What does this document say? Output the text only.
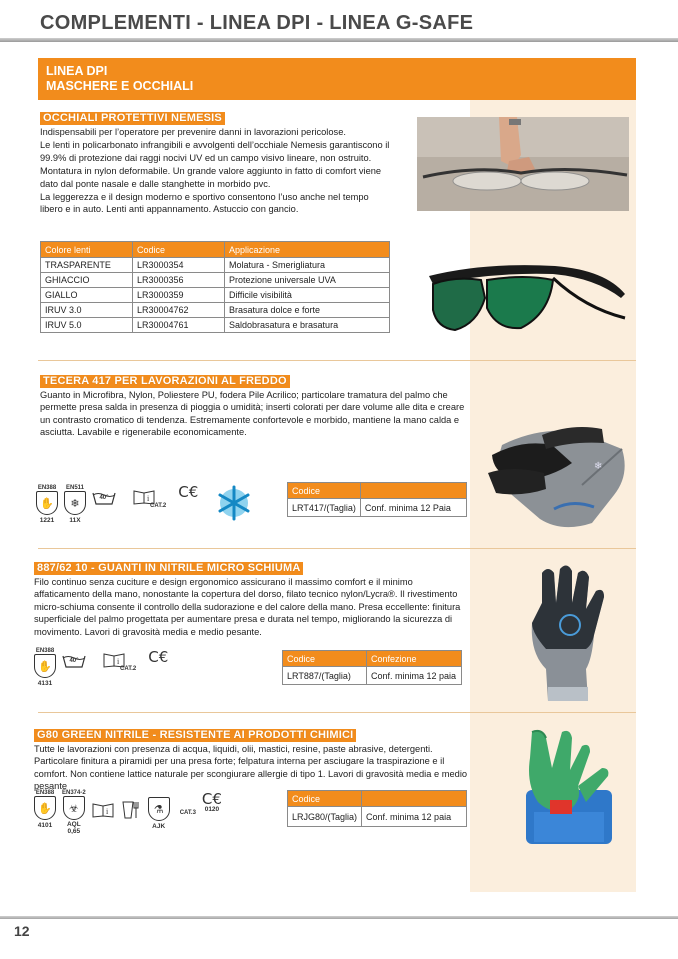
COMPLEMENTI - LINEA DPI - LINEA G-SAFE
LINEA DPI
MASCHERE E OCCHIALI
OCCHIALI PROTETTIVI NEMESIS

Indispensabili per l’operatore per prevenire danni in lavorazioni pericolose.

Le lenti in policarbonato infrangibili e avvolgenti dell’occhiale Nemesis garantiscono il 99.9% di protezione dai raggi nocivi UV ed un campo visivo lineare, non ostruito.

Montatura in nylon deformabile. Un grande valore aggiunto in fatto di comfort viene dato dal ponte nasale e dalle stanghette in morbido pvc.

La leggerezza e il design moderno e sportivo consentono l’uso anche nel tempo libero e in auto. Lenti anti appannamento. Astuccio con gancio.

Colore lenti	Codice	Applicazione
TRASPARENTE	LR3000354	Molatura - Smerigliatura
GHIACCIO	LR3000356	Protezione universale UVA
GIALLO	LR3000359	Difficile visibilità
IRUV 3.0	LR30004762	Brasatura dolce e forte
IRUV 5.0	LR30004761	Saldobrasatura e brasatura
TECERA 417 PER LAVORAZIONI AL FREDDO
Guanto in Microfibra, Nylon, Poliestere PU, fodera Pile Acrilico; particolare tramatura del palmo che permette presa salda in presenza di pioggia o umidità; inserti colorati per dare volume alle dita e creare un contrasto cromatico di tendenza. Estremamente confortevole e morbido, mantiene la mano calda e asciutta. Lavabile e rigenerabile economicamente.
EN388
✋
1221
EN511
❄
11X
40°	i
CAT.2
C€	Codice	
LRT417/(Taglia)	Conf. minima 12 Paia
❄
887/62 10 - GUANTI IN NITRILE MICRO SCHIUMA
Filo continuo senza cuciture e design ergonomico assicurano il massimo comfort e il minimo affaticamento della mano, nonostante la copertura del dorso, filato tecnico nylon/Lycra®. Il rivestimento micro-schiuma consente il controllo della sudorazione e del calore della mano. Presa eccellente: finitura superficiale del palmo progettata per aumentare presa e durata nel tempo, migliorando la sicurezza di movimento. Lavori di gravosità media e medio pesante.
EN388
✋
4131
40°	i
CAT.2
C€	Codice	Confezione
LRT887/(Taglia)	Conf. minima 12 paia
G80 GREEN NITRILE - RESISTENTE AI PRODOTTI CHIMICI
Tutte le lavorazioni con presenza di acqua, liquidi, olii, mastici, resine, paste abrasive, detergenti. Particolare finitura a piramidi per una presa forte; felpatura interna per asciugare la traspirazione e il comfort. Non contiene lattice naturale per scongiurare allergie di tipo 1. Lavori di gravosità media e medio pesante
EN388
✋
4101
EN374-2
☣
AQL
0,65
i	⚗
AJK
CAT.3
C€
0120
Codice	
LRJG80/(Taglia)	Conf. minima 12 paia
12
